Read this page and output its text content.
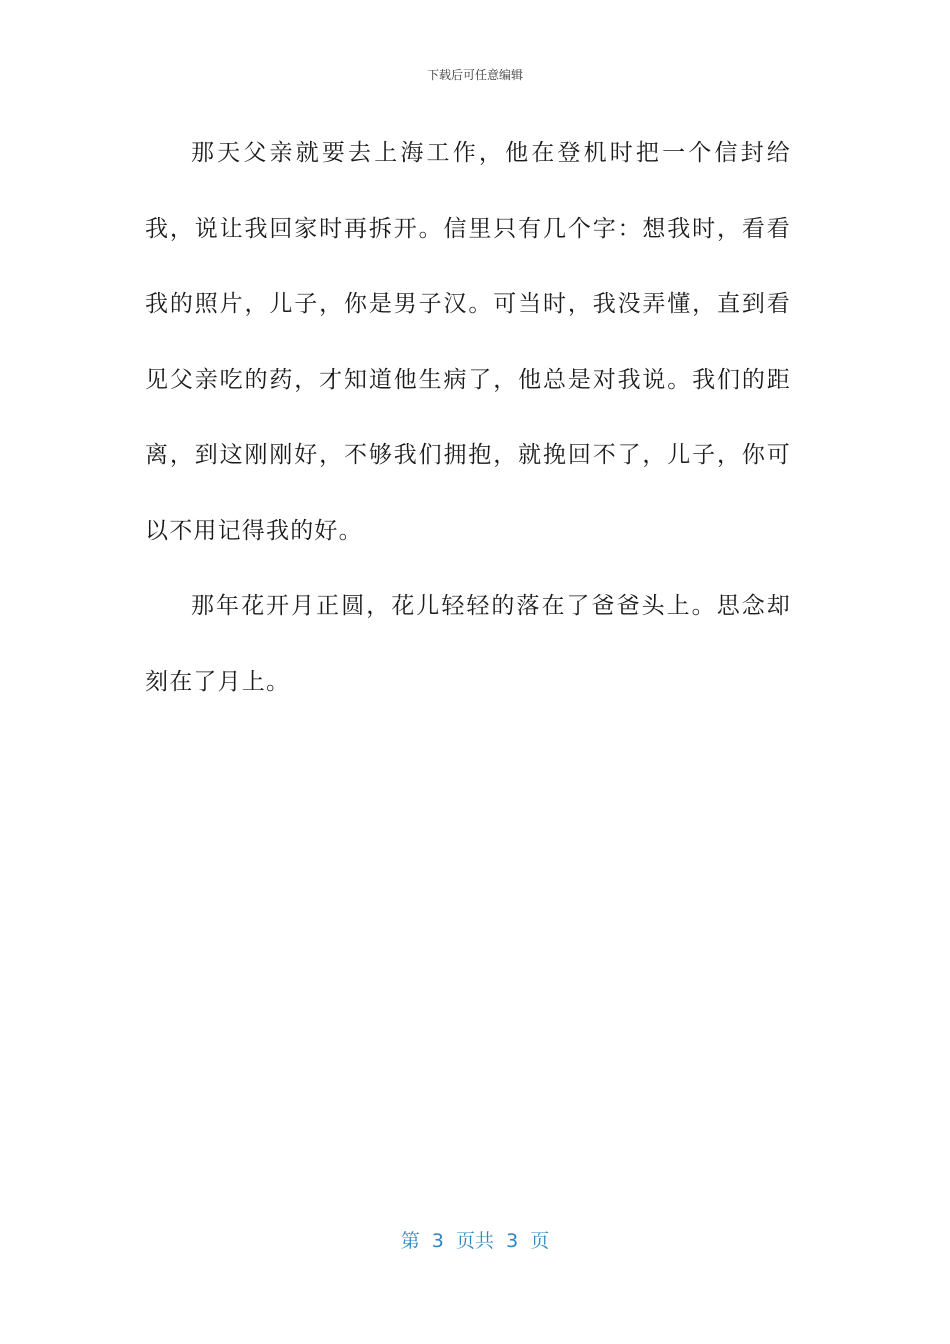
下载后可任意编辑

那天父亲就要去上海工作，他在登机时把一个信封给我，说让我回家时再拆开。信里只有几个字：想我时，看看我的照片，儿子，你是男子汉。可当时，我没弄懂，直到看见父亲吃的药，才知道他生病了，他总是对我说。我们的距离，到这刚刚好，不够我们拥抱，就挽回不了，儿子，你可以不用记得我的好。

那年花开月正圆，花儿轻轻的落在了爸爸头上。思念却刻在了月上。

第 3 页共 3 页
